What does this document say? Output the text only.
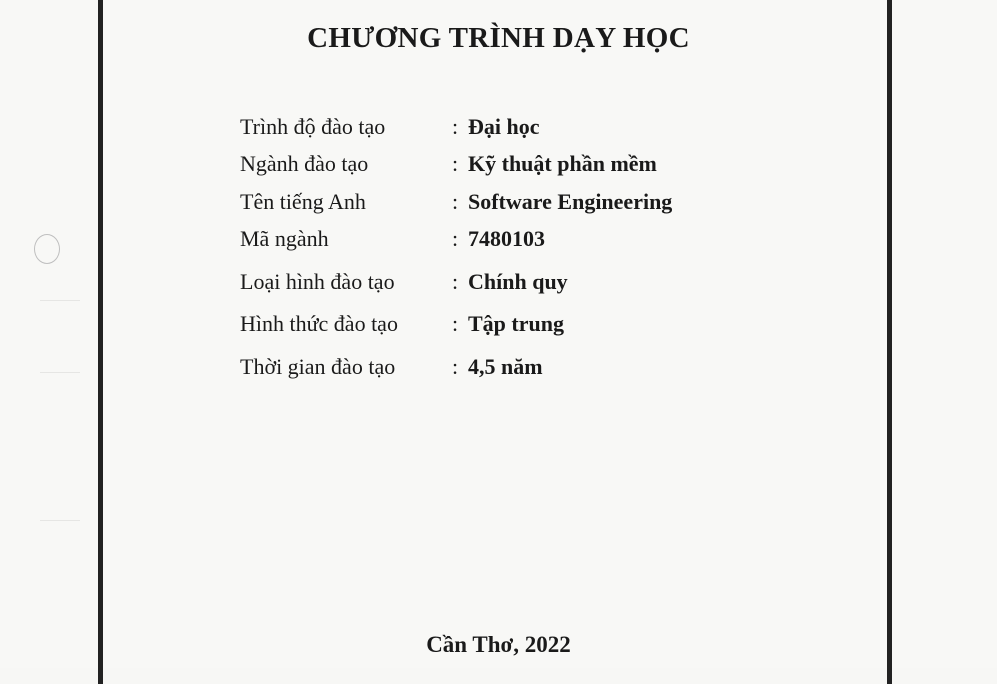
CHƯƠNG TRÌNH DẠY HỌC
Trình độ đào tạo	: Đại học
Ngành đào tạo	: Kỹ thuật phần mềm
Tên tiếng Anh	: Software Engineering
Mã ngành	: 7480103
Loại hình đào tạo	: Chính quy
Hình thức đào tạo	: Tập trung
Thời gian đào tạo	: 4,5 năm
Cần Thơ, 2022
